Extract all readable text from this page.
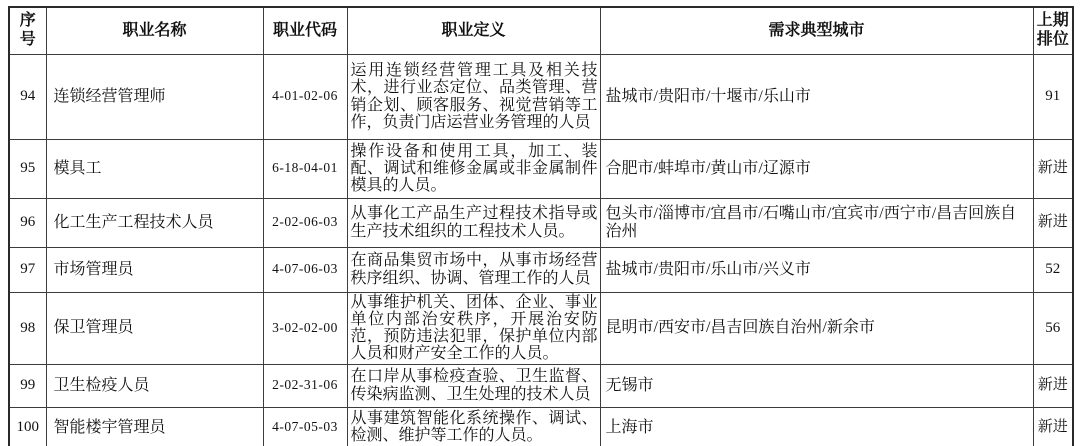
序号	职业名称	职业代码	职业定义	需求典型城市	上期排位
94	连锁经营管理师	4-01-02-06	运用连锁经营管理工具及相关技术，进行业态定位、品类管理、营销企划、顾客服务、视觉营销等工作，负责门店运营业务管理的人员	盐城市/贵阳市/十堰市/乐山市	91
95	模具工	6-18-04-01	操作设备和使用工具，加工、装配、调试和维修金属或非金属制件模具的人员。	合肥市/蚌埠市/黄山市/辽源市	新进
96	化工生产工程技术人员	2-02-06-03	从事化工产品生产过程技术指导或生产技术组织的工程技术人员。	包头市/淄博市/宜昌市/石嘴山市/宜宾市/西宁市/昌吉回族自治州	新进
97	市场管理员	4-07-06-03	在商品集贸市场中，从事市场经营秩序组织、协调、管理工作的人员	盐城市/贵阳市/乐山市/兴义市	52
98	保卫管理员	3-02-02-00	从事维护机关、团体、企业、事业单位内部治安秩序，开展治安防范，预防违法犯罪，保护单位内部人员和财产安全工作的人员。	昆明市/西安市/昌吉回族自治州/新余市	56
99	卫生检疫人员	2-02-31-06	在口岸从事检疫查验、卫生监督、传染病监测、卫生处理的技术人员	无锡市	新进
100	智能楼宇管理员	4-07-05-03	从事建筑智能化系统操作、调试、检测、维护等工作的人员。	上海市	新进
